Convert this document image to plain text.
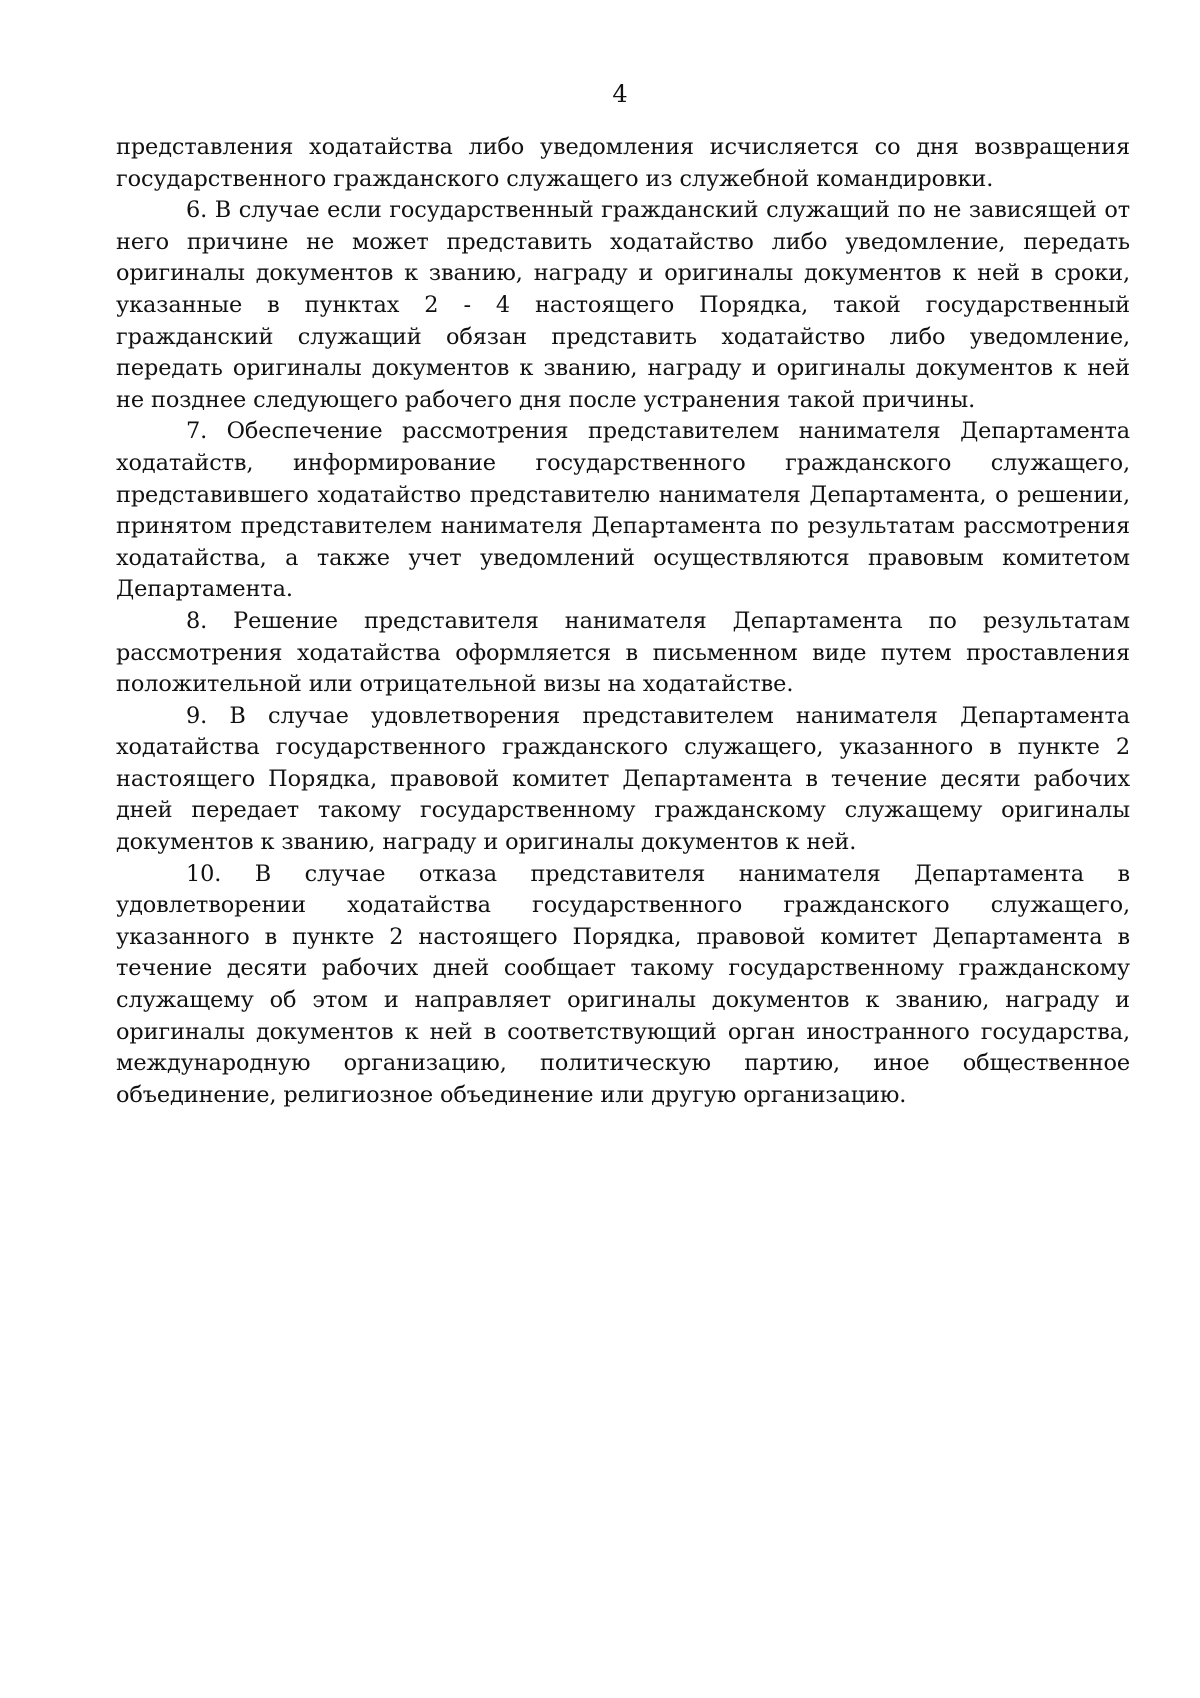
4

представления ходатайства либо уведомления исчисляется со дня возвращения государственного гражданского служащего из служебной командировки.

6. В случае если государственный гражданский служащий по не зависящей от него причине не может представить ходатайство либо уведомление, передать оригиналы документов к званию, награду и оригиналы документов к ней в сроки, указанные в пунктах 2 - 4 настоящего Порядка, такой государственный гражданский служащий обязан представить ходатайство либо уведомление, передать оригиналы документов к званию, награду и оригиналы документов к ней не позднее следующего рабочего дня после устранения такой причины.

7. Обеспечение рассмотрения представителем нанимателя Департамента ходатайств, информирование государственного гражданского служащего, представившего ходатайство представителю нанимателя Департамента, о решении, принятом представителем нанимателя Департамента по результатам рассмотрения ходатайства, а также учет уведомлений осуществляются правовым комитетом Департамента.

8. Решение представителя нанимателя Департамента по результатам рассмотрения ходатайства оформляется в письменном виде путем проставления положительной или отрицательной визы на ходатайстве.

9. В случае удовлетворения представителем нанимателя Департамента ходатайства государственного гражданского служащего, указанного в пункте 2 настоящего Порядка, правовой комитет Департамента в течение десяти рабочих дней передает такому государственному гражданскому служащему оригиналы документов к званию, награду и оригиналы документов к ней.

10. В случае отказа представителя нанимателя Департамента в удовлетворении ходатайства государственного гражданского служащего, указанного в пункте 2 настоящего Порядка, правовой комитет Департамента в течение десяти рабочих дней сообщает такому государственному гражданскому служащему об этом и направляет оригиналы документов к званию, награду и оригиналы документов к ней в соответствующий орган иностранного государства, международную организацию, политическую партию, иное общественное объединение, религиозное объединение или другую организацию.
